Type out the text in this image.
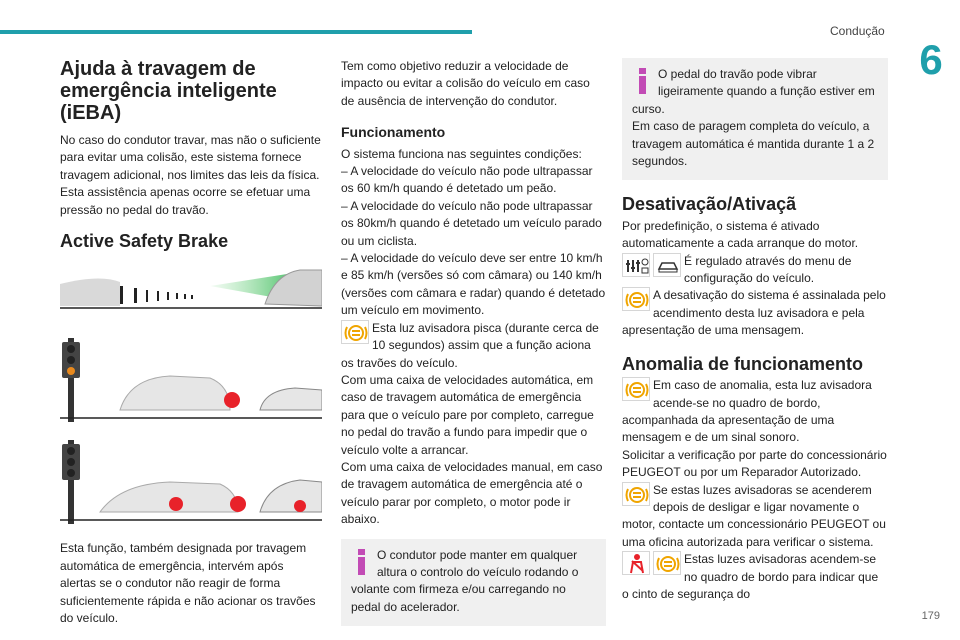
Condução
6
Ajuda à travagem de emergência inteligente (iEBA)

No caso do condutor travar, mas não o suficiente para evitar uma colisão, este sistema fornece travagem adicional, nos limites das leis da física.

Esta assistência apenas ocorre se efetuar uma pressão no pedal do travão.

Active Safety Brake

Esta função, também designada por travagem automática de emergência, intervém após alertas se o condutor não reagir de forma suficientemente rápida e não acionar os travões do veículo.

Tem como objetivo reduzir a velocidade de impacto ou evitar a colisão do veículo em caso de ausência de intervenção do condutor.

Funcionamento

O sistema funciona nas seguintes condições:

– A velocidade do veículo não pode ultrapassar os 60 km/h quando é detetado um peão.

– A velocidade do veículo não pode ultrapassar os 80km/h quando é detetado um veículo parado ou um ciclista.

– A velocidade do veículo deve ser entre 10 km/h e 85 km/h (versões só com câmara) ou 140 km/h (versões com câmara e radar) quando é detetado um veículo em movimento.

Esta luz avisadora pisca (durante cerca de 10 segundos) assim que a função aciona os travões do veículo.

Com uma caixa de velocidades automática, em caso de travagem automática de emergência para que o veículo pare por completo, carregue no pedal do travão a fundo para impedir que o veículo volte a arrancar.

Com uma caixa de velocidades manual, em caso de travagem automática de emergência até o veículo parar por completo, o motor pode ir abaixo.

O condutor pode manter em qualquer altura o controlo do veículo rodando o volante com firmeza e/ou carregando no pedal do acelerador.

O pedal do travão pode vibrar ligeiramente quando a função estiver em curso.

Em caso de paragem completa do veículo, a travagem automática é mantida durante 1 a 2 segundos.

Desativação/Ativaçã

Por predefinição, o sistema é ativado automaticamente a cada arranque do motor.

É regulado através do menu de configuração do veículo.
A desativação do sistema é assinalada pelo acendimento desta luz avisadora e pela apresentação de uma mensagem.
Anomalia de funcionamento
Em caso de anomalia, esta luz avisadora acende-se no quadro de bordo, acompanhada da apresentação de uma mensagem e de um sinal sonoro.

Solicitar a verificação por parte do concessionário PEUGEOT ou por um Reparador Autorizado.

Se estas luzes avisadoras se acenderem depois de desligar e ligar novamente o motor, contacte um concessionário PEUGEOT ou uma oficina autorizada para verificar o sistema.
Estas luzes avisadoras acendem-se no quadro de bordo para indicar que o cinto de segurança do
179
